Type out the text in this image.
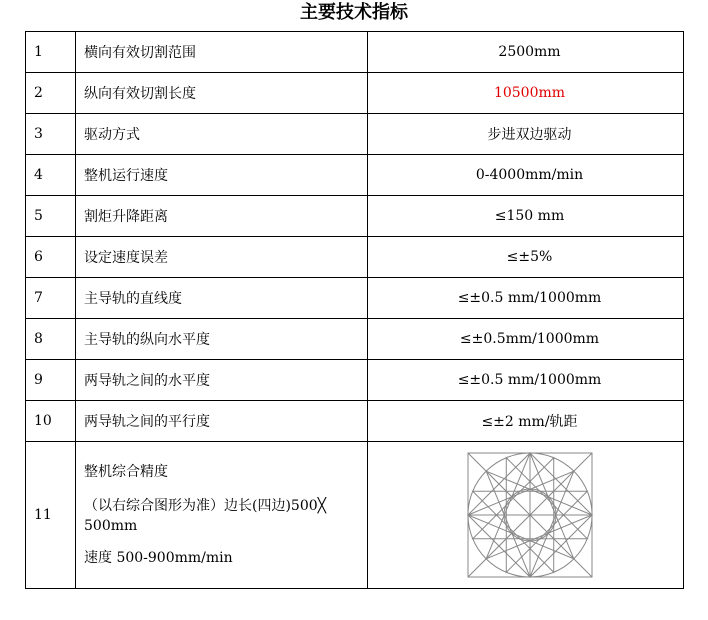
主要技术指标
1	横向有效切割范围	2500mm
2	纵向有效切割长度	10500mm
3	驱动方式	步进双边驱动
4	整机运行速度	0-4000mm/min
5	割炬升降距离	≤150 mm
6	设定速度误差	≤±5%
7	主导轨的直线度	≤±0.5 mm/1000mm
8	主导轨的纵向水平度	≤±0.5mm/1000mm
9	两导轨之间的水平度	≤±0.5 mm/1000mm
10	两导轨之间的平行度	≤±2 mm/轨距
11	整机综合精度

（以右综合图形为准）边长(四边)500╳

500mm

速度 500-900mm/min
